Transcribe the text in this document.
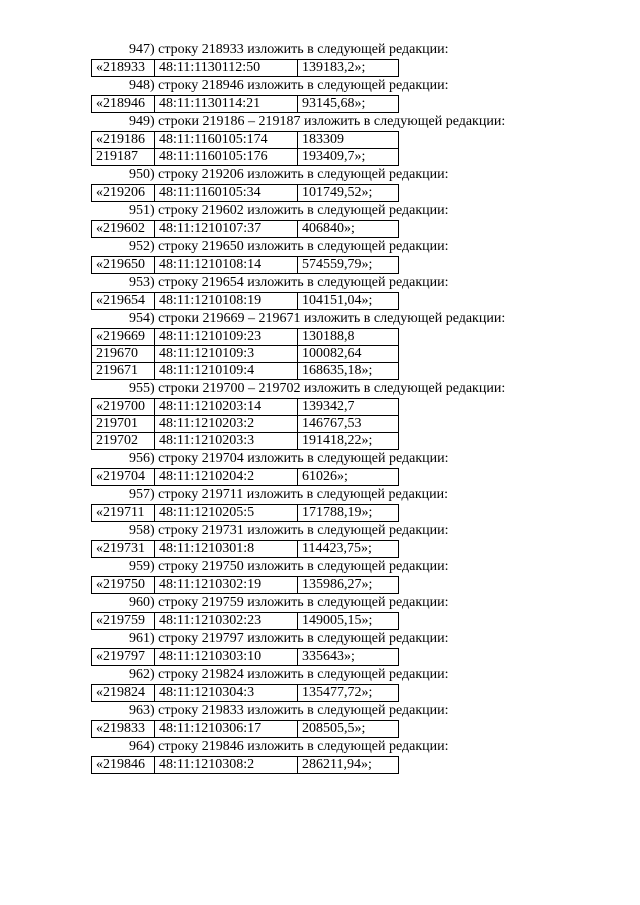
947) строку 218933 изложить в следующей редакции:
«218933	48:11:1130112:50	139183,2»;
948) строку 218946 изложить в следующей редакции:
«218946	48:11:1130114:21	93145,68»;
949) строки 219186 – 219187 изложить в следующей редакции:
«219186	48:11:1160105:174	183309
219187	48:11:1160105:176	193409,7»;
950) строку 219206 изложить в следующей редакции:
«219206	48:11:1160105:34	101749,52»;
951) строку 219602 изложить в следующей редакции:
«219602	48:11:1210107:37	406840»;
952) строку 219650 изложить в следующей редакции:
«219650	48:11:1210108:14	574559,79»;
953) строку 219654 изложить в следующей редакции:
«219654	48:11:1210108:19	104151,04»;
954) строки 219669 – 219671 изложить в следующей редакции:
«219669	48:11:1210109:23	130188,8
219670	48:11:1210109:3	100082,64
219671	48:11:1210109:4	168635,18»;
955) строки 219700 – 219702 изложить в следующей редакции:
«219700	48:11:1210203:14	139342,7
219701	48:11:1210203:2	146767,53
219702	48:11:1210203:3	191418,22»;
956) строку 219704 изложить в следующей редакции:
«219704	48:11:1210204:2	61026»;
957) строку 219711 изложить в следующей редакции:
«219711	48:11:1210205:5	171788,19»;
958) строку 219731 изложить в следующей редакции:
«219731	48:11:1210301:8	114423,75»;
959) строку 219750 изложить в следующей редакции:
«219750	48:11:1210302:19	135986,27»;
960) строку 219759 изложить в следующей редакции:
«219759	48:11:1210302:23	149005,15»;
961) строку 219797 изложить в следующей редакции:
«219797	48:11:1210303:10	335643»;
962) строку 219824 изложить в следующей редакции:
«219824	48:11:1210304:3	135477,72»;
963) строку 219833 изложить в следующей редакции:
«219833	48:11:1210306:17	208505,5»;
964) строку 219846 изложить в следующей редакции:
«219846	48:11:1210308:2	286211,94»;
